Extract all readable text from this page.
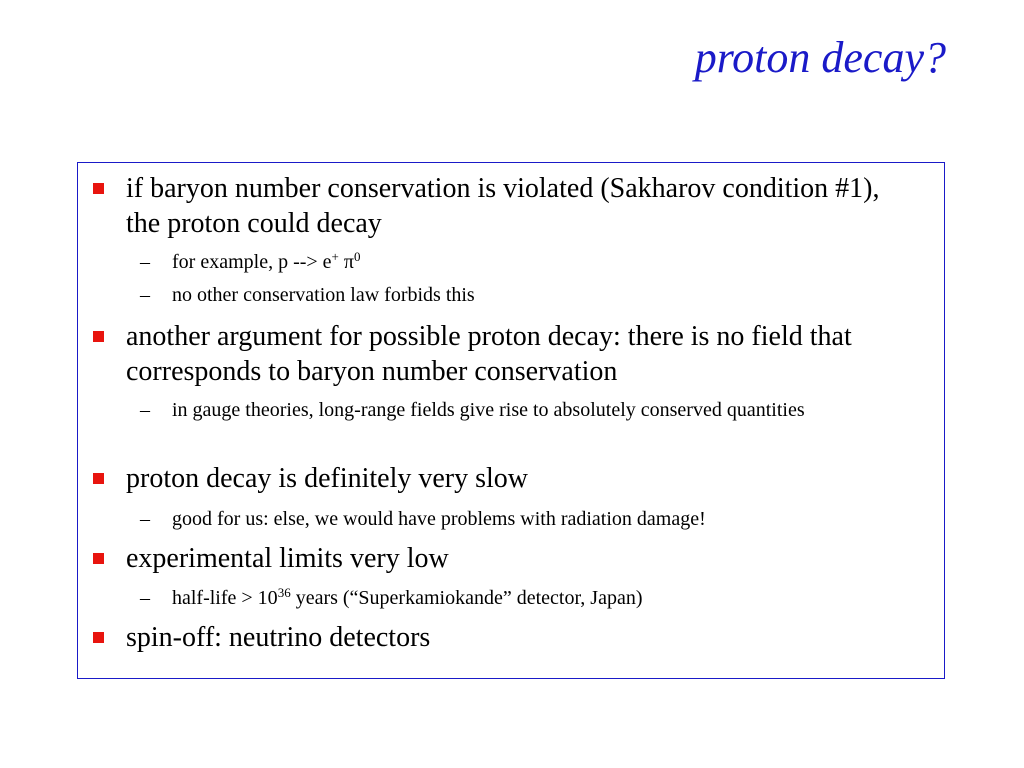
proton decay?
if baryon number conservation is violated (Sakharov condition #1), the proton could decay
– for example, p --> e+ $\pi^0$
– no other conservation law forbids this
another argument for possible proton decay: there is no field that corresponds to baryon number conservation
– in gauge theories, long-range fields give rise to absolutely conserved quantities
proton decay is definitely very slow
– good for us: else, we would have problems with radiation damage!
experimental limits very low
– half-life > $10^{36}$ years (“Superkamiokande” detector, Japan)
spin-off: neutrino detectors
